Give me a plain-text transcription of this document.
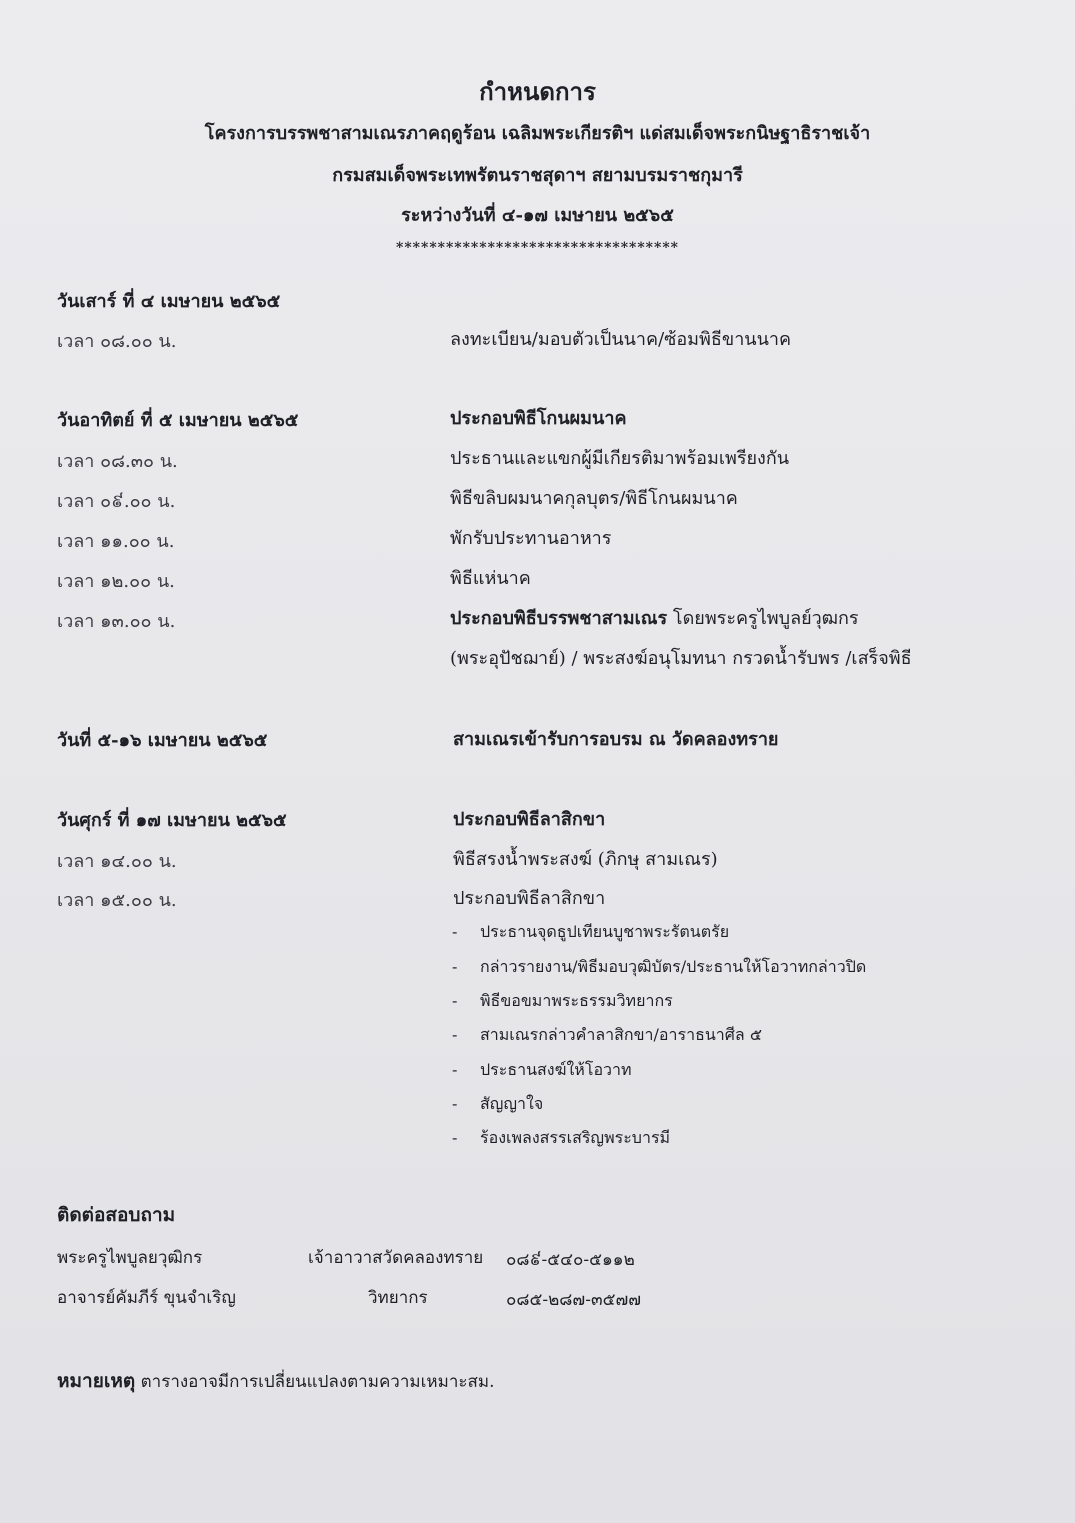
กำหนดการ
โครงการบรรพชาสามเณรภาคฤดูร้อน เฉลิมพระเกียรติฯ แด่สมเด็จพระกนิษฐาธิราชเจ้า
กรมสมเด็จพระเทพรัตนราชสุดาฯ สยามบรมราชกุมารี
ระหว่างวันที่ ๔-๑๗ เมษายน ๒๕๖๕
**********************************
วันเสาร์ ที่ ๔ เมษายน ๒๕๖๕
เวลา ๐๘.๐๐ น.	ลงทะเบียน/มอบตัวเป็นนาค/ซ้อมพิธีขานนาค
วันอาทิตย์ ที่ ๕ เมษายน ๒๕๖๕	ประกอบพิธีโกนผมนาค
เวลา ๐๘.๓๐ น.	ประธานและแขกผู้มีเกียรติมาพร้อมเพรียงกัน
เวลา ๐៩.๐๐ น.	พิธีขลิบผมนาคกุลบุตร/พิธีโกนผมนาค
เวลา ๑๑.๐๐ น.	พักรับประทานอาหาร
เวลา ๑๒.๐๐ น.	พิธีแห่นาค
เวลา ๑๓.๐๐ น.	ประกอบพิธีบรรพชาสามเณร โดยพระครูไพบูลย์วุฒกร
(พระอุปัชฌาย์) / พระสงฆ์อนุโมทนา กรวดน้ำรับพร /เสร็จพิธี
วันที่ ๕-๑๖ เมษายน ๒๕๖๕	สามเณรเข้ารับการอบรม ณ วัดคลองทราย
วันศุกร์ ที่ ๑๗ เมษายน ๒๕๖๕	ประกอบพิธีลาสิกขา
เวลา ๑๔.๐๐ น.	พิธีสรงน้ำพระสงฆ์ (ภิกษุ สามเณร)
เวลา ๑๕.๐๐ น.	ประกอบพิธีลาสิกขา
- ประธานจุดธูปเทียนบูชาพระรัตนตรัย
- กล่าวรายงาน/พิธีมอบวุฒิบัตร/ประธานให้โอวาทกล่าวปิด
- พิธีขอขมาพระธรรมวิทยากร
- สามเณรกล่าวคำลาสิกขา/อาราธนาศีล ๕
- ประธานสงฆ์ให้โอวาท
- สัญญาใจ
- ร้องเพลงสรรเสริญพระบารมี
ติดต่อสอบถาม
พระครูไพบูลยวุฒิกร	เจ้าอาวาสวัดคลองทราย ๐๘៩-๕๔๐-๕๑๑๒
อาจารย์คัมภีร์ ขุนจำเริญ	วิทยากร	๐๘๕-๒๘๗-๓๕๗๗
หมายเหตุ ตารางอาจมีการเปลี่ยนแปลงตามความเหมาะสม.
